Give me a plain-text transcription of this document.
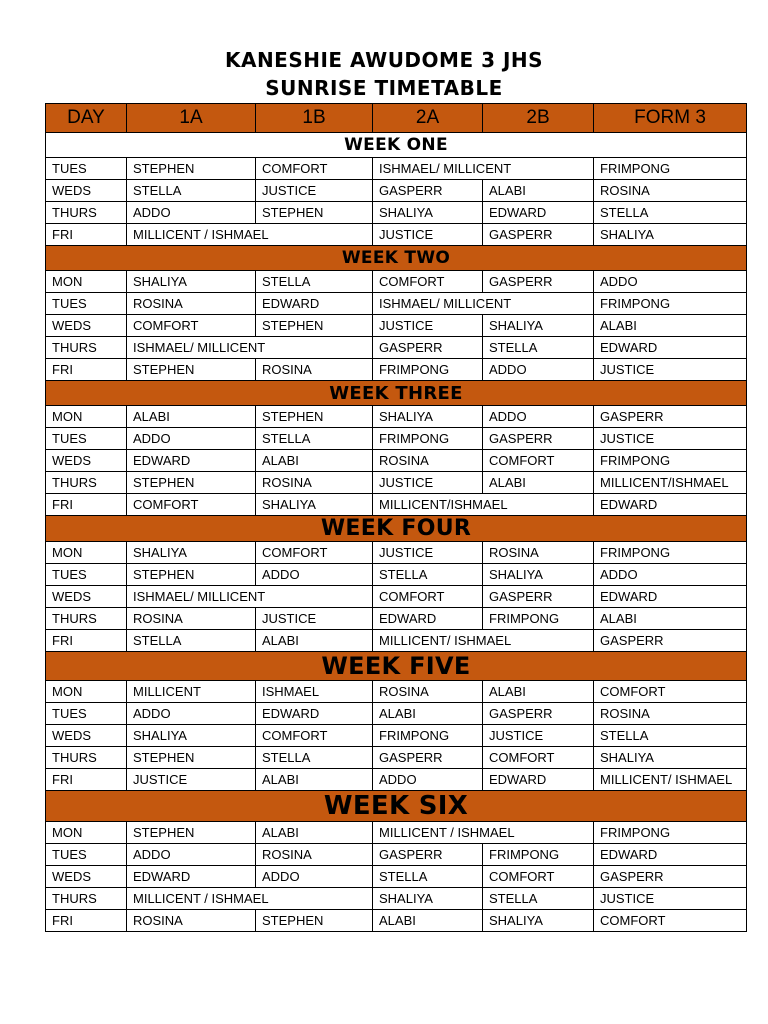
KANESHIE AWUDOME 3 JHS
SUNRISE TIMETABLE
DAY	1A	1B	2A	2B	FORM 3
WEEK ONE					
TUES	STEPHEN	COMFORT	ISHMAEL/ MILLICENT		FRIMPONG
WEDS	STELLA	JUSTICE	GASPERR	ALABI	ROSINA
THURS	ADDO	STEPHEN	SHALIYA	EDWARD	STELLA
FRI	MILLICENT / ISHMAEL		JUSTICE	GASPERR	SHALIYA
WEEK TWO					
MON	SHALIYA	STELLA	COMFORT	GASPERR	ADDO
TUES	ROSINA	EDWARD	ISHMAEL/ MILLICENT		FRIMPONG
WEDS	COMFORT	STEPHEN	JUSTICE	SHALIYA	ALABI
THURS	ISHMAEL/ MILLICENT		GASPERR	STELLA	EDWARD
FRI	STEPHEN	ROSINA	FRIMPONG	ADDO	JUSTICE
WEEK THREE					
MON	ALABI	STEPHEN	SHALIYA	ADDO	GASPERR
TUES	ADDO	STELLA	FRIMPONG	GASPERR	JUSTICE
WEDS	EDWARD	ALABI	ROSINA	COMFORT	FRIMPONG
THURS	STEPHEN	ROSINA	JUSTICE	ALABI	MILLICENT/ISHMAEL
FRI	COMFORT	SHALIYA	MILLICENT/ISHMAEL		EDWARD
WEEK FOUR					
MON	SHALIYA	COMFORT	JUSTICE	ROSINA	FRIMPONG
TUES	STEPHEN	ADDO	STELLA	SHALIYA	ADDO
WEDS	ISHMAEL/ MILLICENT		COMFORT	GASPERR	EDWARD
THURS	ROSINA	JUSTICE	EDWARD	FRIMPONG	ALABI
FRI	STELLA	ALABI	MILLICENT/ ISHMAEL		GASPERR
WEEK FIVE					
MON	MILLICENT	ISHMAEL	ROSINA	ALABI	COMFORT
TUES	ADDO	EDWARD	ALABI	GASPERR	ROSINA
WEDS	SHALIYA	COMFORT	FRIMPONG	JUSTICE	STELLA
THURS	STEPHEN	STELLA	GASPERR	COMFORT	SHALIYA
FRI	JUSTICE	ALABI	ADDO	EDWARD	MILLICENT/ ISHMAEL
WEEK SIX					
MON	STEPHEN	ALABI	MILLICENT / ISHMAEL		FRIMPONG
TUES	ADDO	ROSINA	GASPERR	FRIMPONG	EDWARD
WEDS	EDWARD	ADDO	STELLA	COMFORT	GASPERR
THURS	MILLICENT / ISHMAEL		SHALIYA	STELLA	JUSTICE
FRI	ROSINA	STEPHEN	ALABI	SHALIYA	COMFORT
